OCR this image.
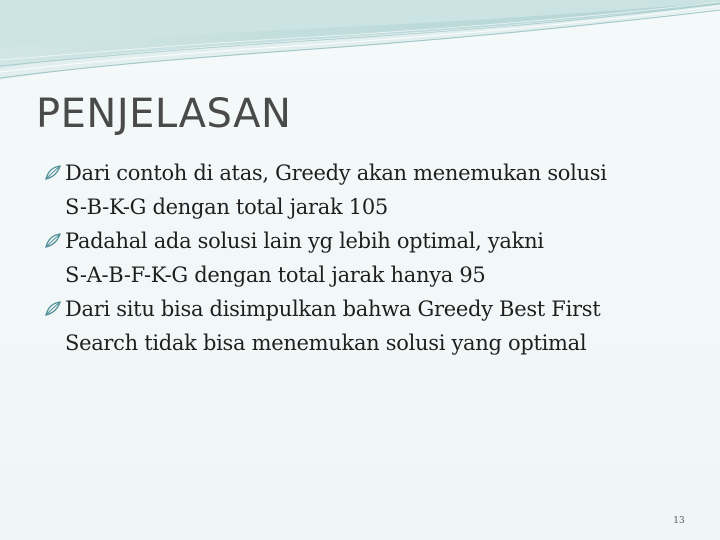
PENJELASAN
Dari contoh di atas, Greedy akan menemukan solusi
S-B-K-G dengan total jarak 105
Padahal ada solusi lain yg lebih optimal, yakni
S-A-B-F-K-G dengan total jarak hanya 95
Dari situ bisa disimpulkan bahwa Greedy Best First
Search tidak bisa menemukan solusi yang optimal
13
